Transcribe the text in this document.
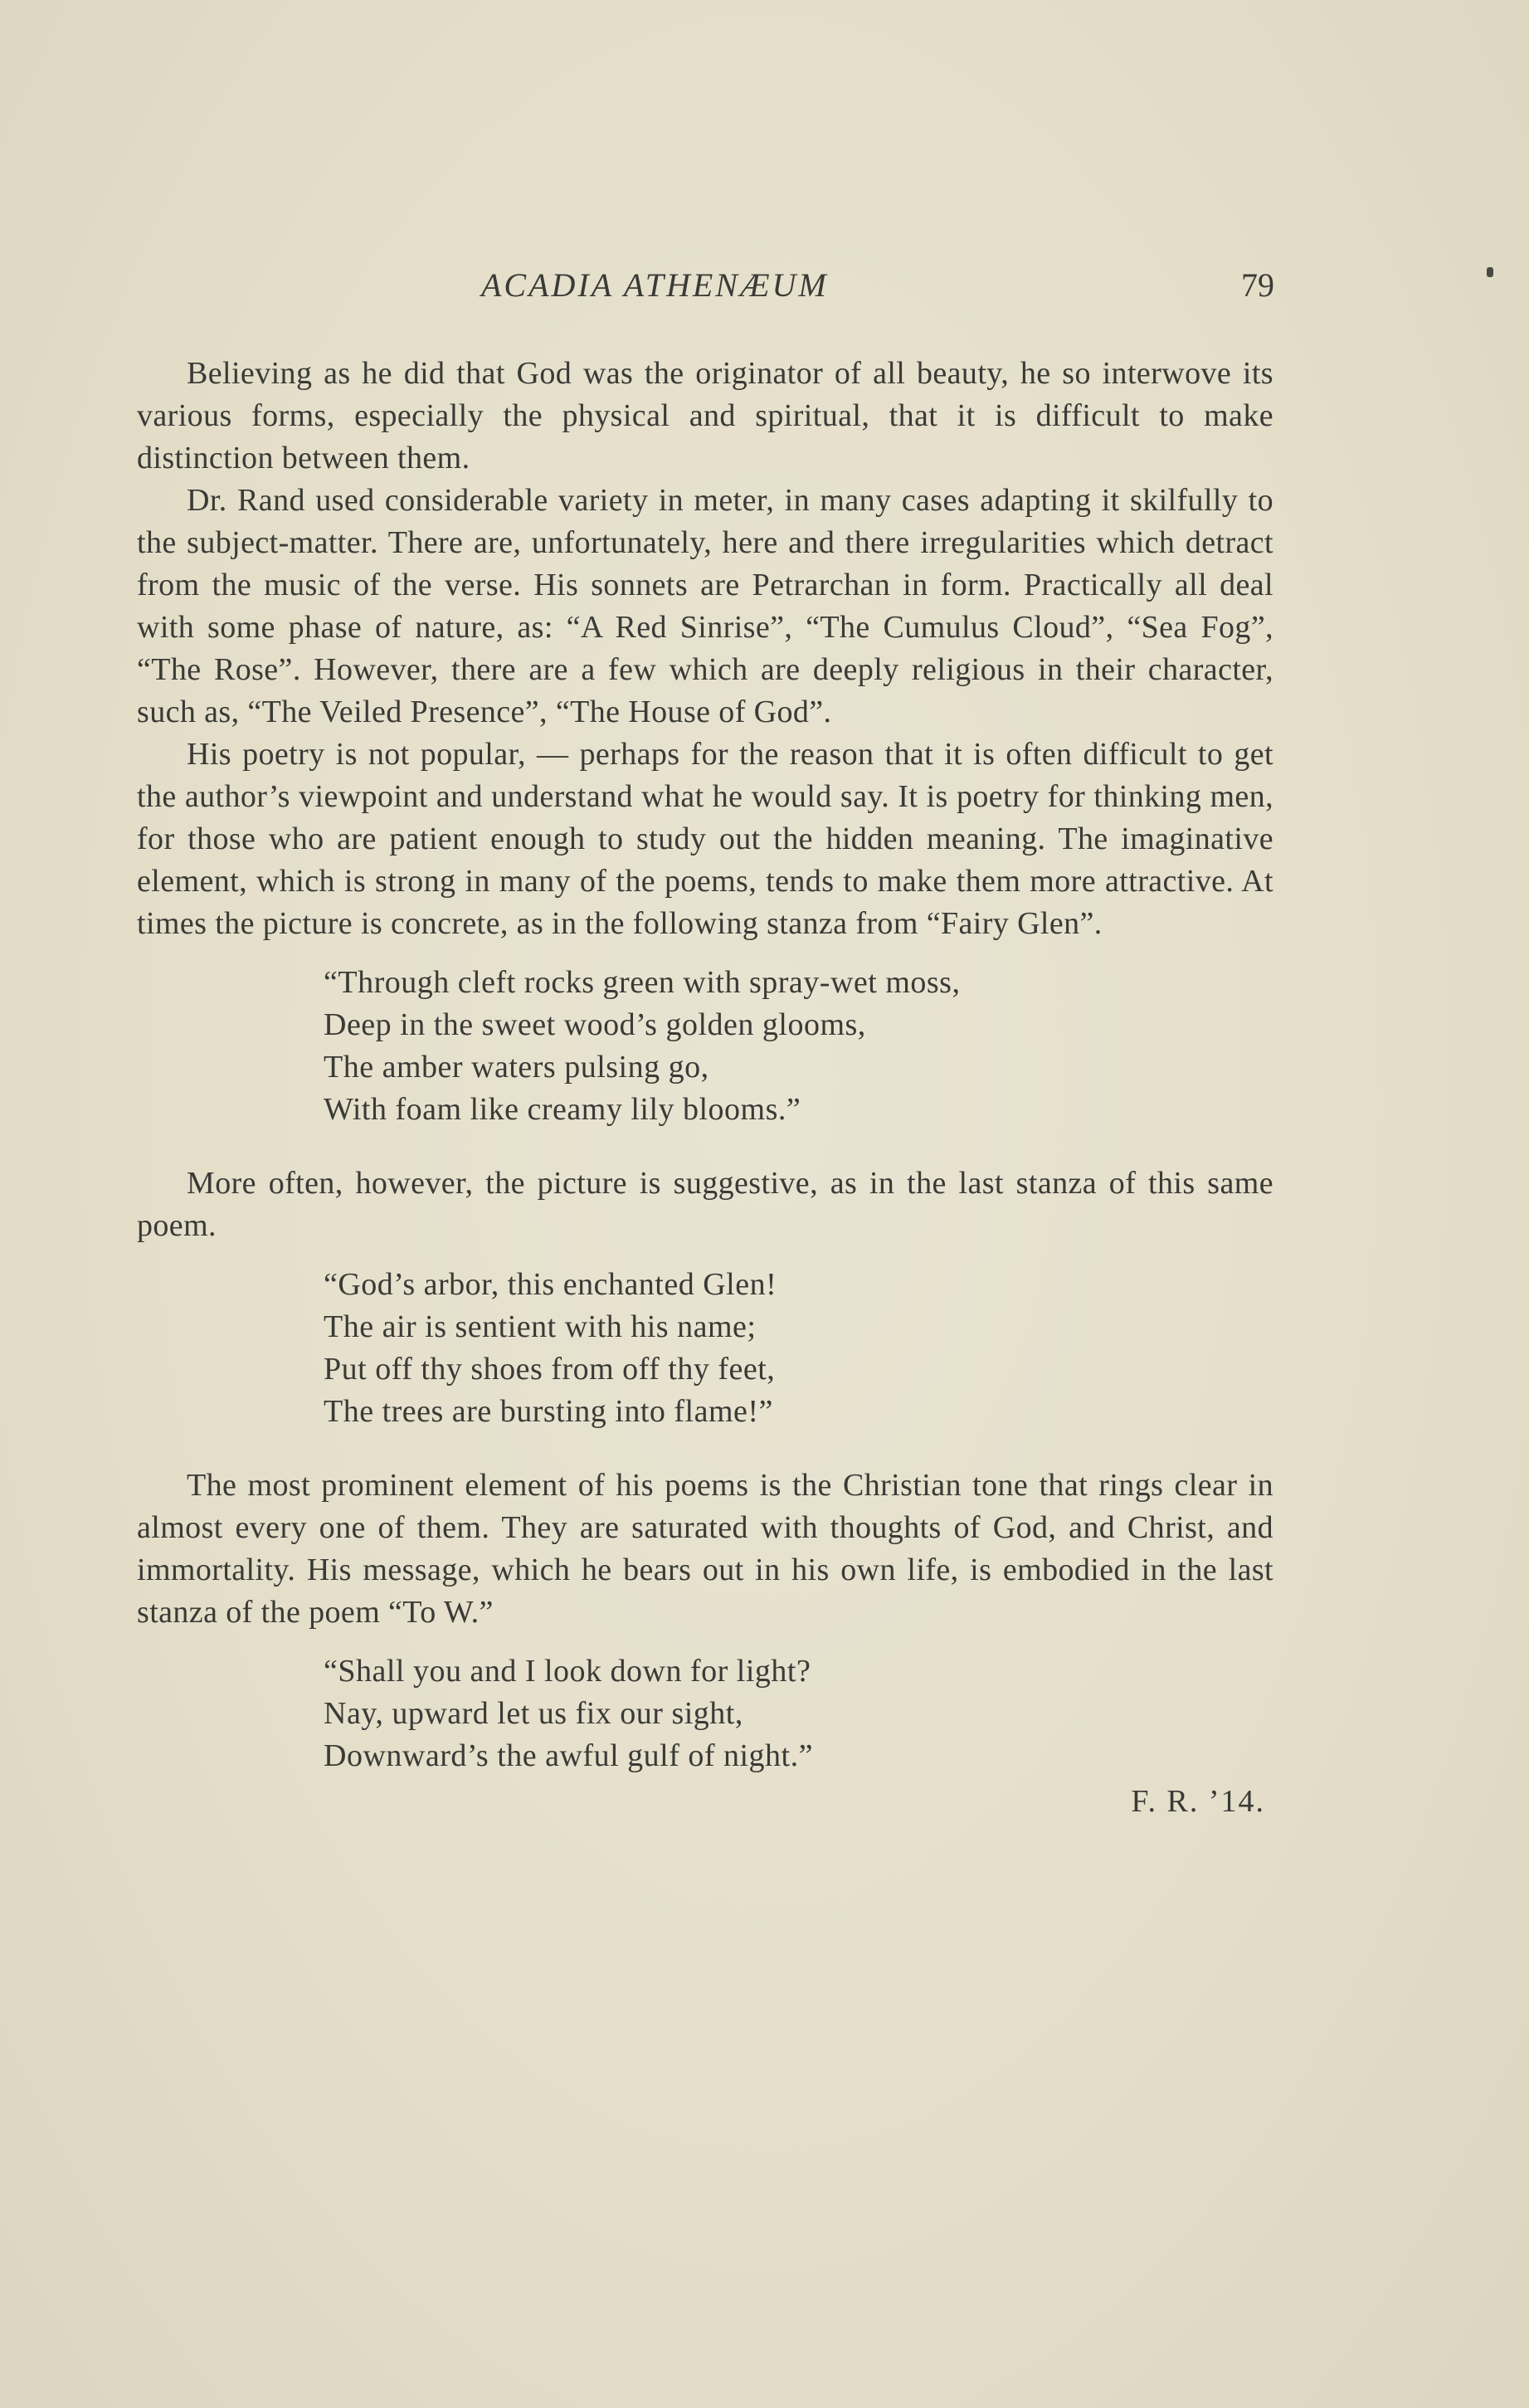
ACADIA ATHENÆUM	79

Believing as he did that God was the originator of all beauty, he so interwove its various forms, especially the physical and spiritual, that it is difficult to make distinction between them.

Dr. Rand used considerable variety in meter, in many cases adapting it skilfully to the subject-matter. There are, unfortunately, here and there irregularities which detract from the music of the verse. His sonnets are Petrarchan in form. Practically all deal with some phase of nature, as: “A Red Sinrise”, “The Cumulus Cloud”, “Sea Fog”, “The Rose”. However, there are a few which are deeply religious in their character, such as, “The Veiled Presence”, “The House of God”.

His poetry is not popular, — perhaps for the reason that it is often difficult to get the author’s viewpoint and understand what he would say. It is poetry for thinking men, for those who are patient enough to study out the hidden meaning. The imaginative element, which is strong in many of the poems, tends to make them more attractive. At times the picture is concrete, as in the following stanza from “Fairy Glen”.

“Through cleft rocks green with spray-wet moss,
Deep in the sweet wood’s golden glooms,
The amber waters pulsing go,
With foam like creamy lily blooms.”

More often, however, the picture is suggestive, as in the last stanza of this same poem.

“God’s arbor, this enchanted Glen!
The air is sentient with his name;
Put off thy shoes from off thy feet,
The trees are bursting into flame!”

The most prominent element of his poems is the Christian tone that rings clear in almost every one of them. They are saturated with thoughts of God, and Christ, and immortality. His message, which he bears out in his own life, is embodied in the last stanza of the poem “To W.”

“Shall you and I look down for light?
Nay, upward let us fix our sight,
Downward’s the awful gulf of night.”
F. R. ’14.
